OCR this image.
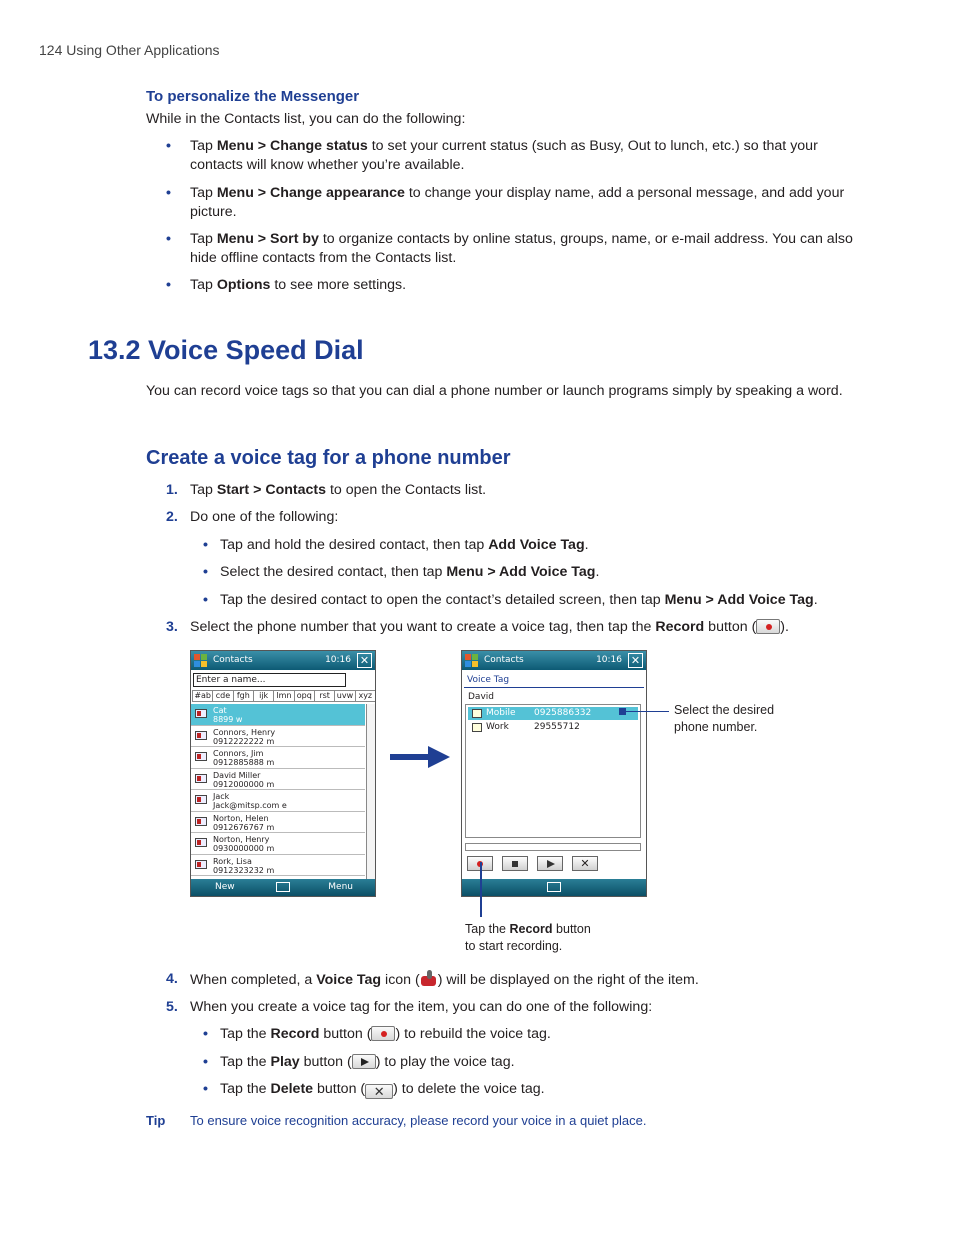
124 Using Other Applications
To personalize the Messenger
While in the Contacts list, you can do the following:
• Tap Menu > Change status to set your current status (such as Busy, Out to lunch, etc.) so that your contacts will know whether you’re available.
• Tap Menu > Change appearance to change your display name, add a personal message, and add your picture.
• Tap Menu > Sort by to organize contacts by online status, groups, name, or e-mail address. You can also hide offline contacts from the Contacts list.
• Tap Options to see more settings.
13.2 Voice Speed Dial
You can record voice tags so that you can dial a phone number or launch programs simply by speaking a word.
Create a voice tag for a phone number
1. Tap Start > Contacts to open the Contacts list.
2. Do one of the following:
• Tap and hold the desired contact, then tap Add Voice Tag.
• Select the desired contact, then tap Menu > Add Voice Tag.
• Tap the desired contact to open the contact’s detailed screen, then tap Menu > Add Voice Tag.
3. Select the phone number that you want to create a voice tag, then tap the Record button ( ).
Contacts	10:16 ✕
Enter a name...
#ab cde fgh	ijk	lmn opq rst uvw xyz
Cat
8899 w
Connors, Henry
0912222222 m
Connors, Jim
0912885888 m
David Miller
0912000000 m
Jack
Jack@mitsp.com e
Norton, Helen
0912676767 m
Norton, Henry
0930000000 m
Rork, Lisa
0912323232 m
New	Menu
Contacts	10:16 ✕
Voice Tag
David
Mobile 0925886332
Work	29555712
✕
Select the desired
phone number.
Tap the Record button
to start recording.
4. When completed, a Voice Tag icon ( ) will be displayed on the right of the item.
5. When you create a voice tag for the item, you can do one of the following:
• Tap the Record button ( ) to rebuild the voice tag.
• Tap the Play button ( ) to play the voice tag.
• Tap the Delete button ( ✕ ) to delete the voice tag.
Tip To ensure voice recognition accuracy, please record your voice in a quiet place.
